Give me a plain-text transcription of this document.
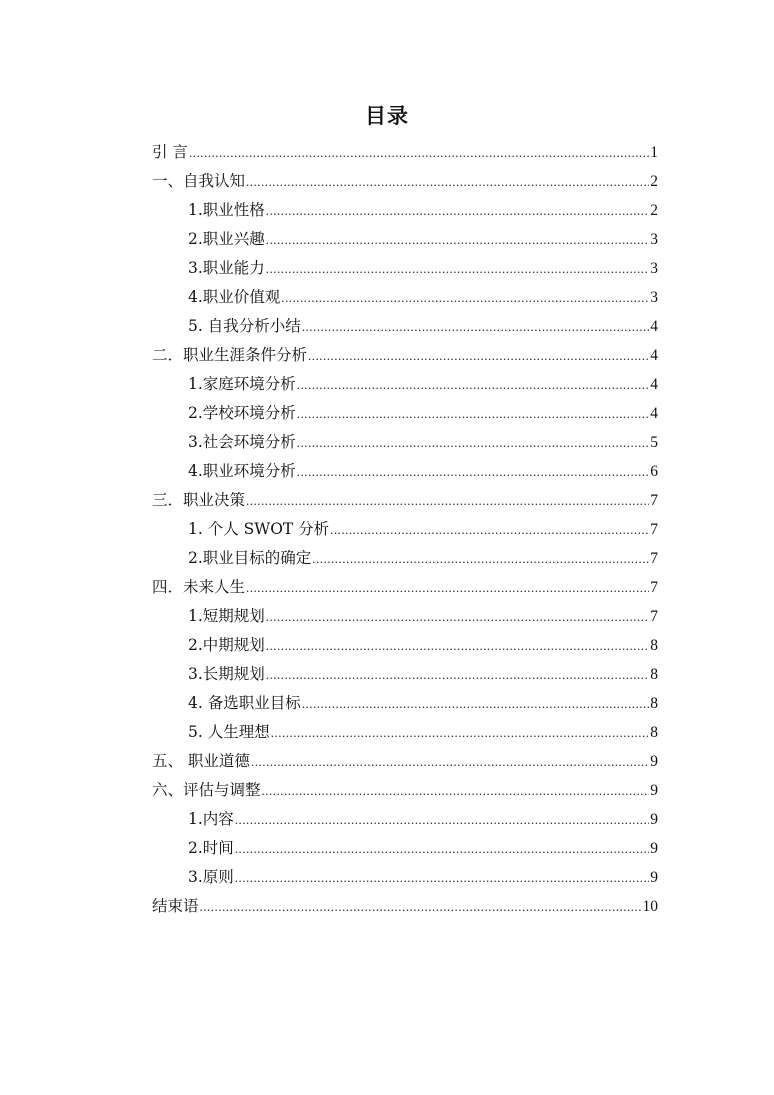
目录
引 言 .....	1
一、自我认知 .....	2
1.职业性格 .....	2
2.职业兴趣 .....	3
3.职业能力 .....	3
4.职业价值观 .....	3
5. 自我分析小结 .....	4
二．职业生涯条件分析 .....	4
1.家庭环境分析 .....	4
2.学校环境分析 .....	4
3.社会环境分析 .....	5
4.职业环境分析 .....	6
三．职业决策 .....	7
1. 个人 SWOT 分析 .....	7
2.职业目标的确定 .....	7
四．未来人生 .....	7
1.短期规划 .....	7
2.中期规划 .....	8
3.长期规划 .....	8
4. 备选职业目标 .....	8
5. 人生理想 .....	8
五、 职业道德 .....	9
六、评估与调整 .....	9
1.内容 .....	9
2.时间 .....	9
3.原则 .....	9
结束语 .....	10
